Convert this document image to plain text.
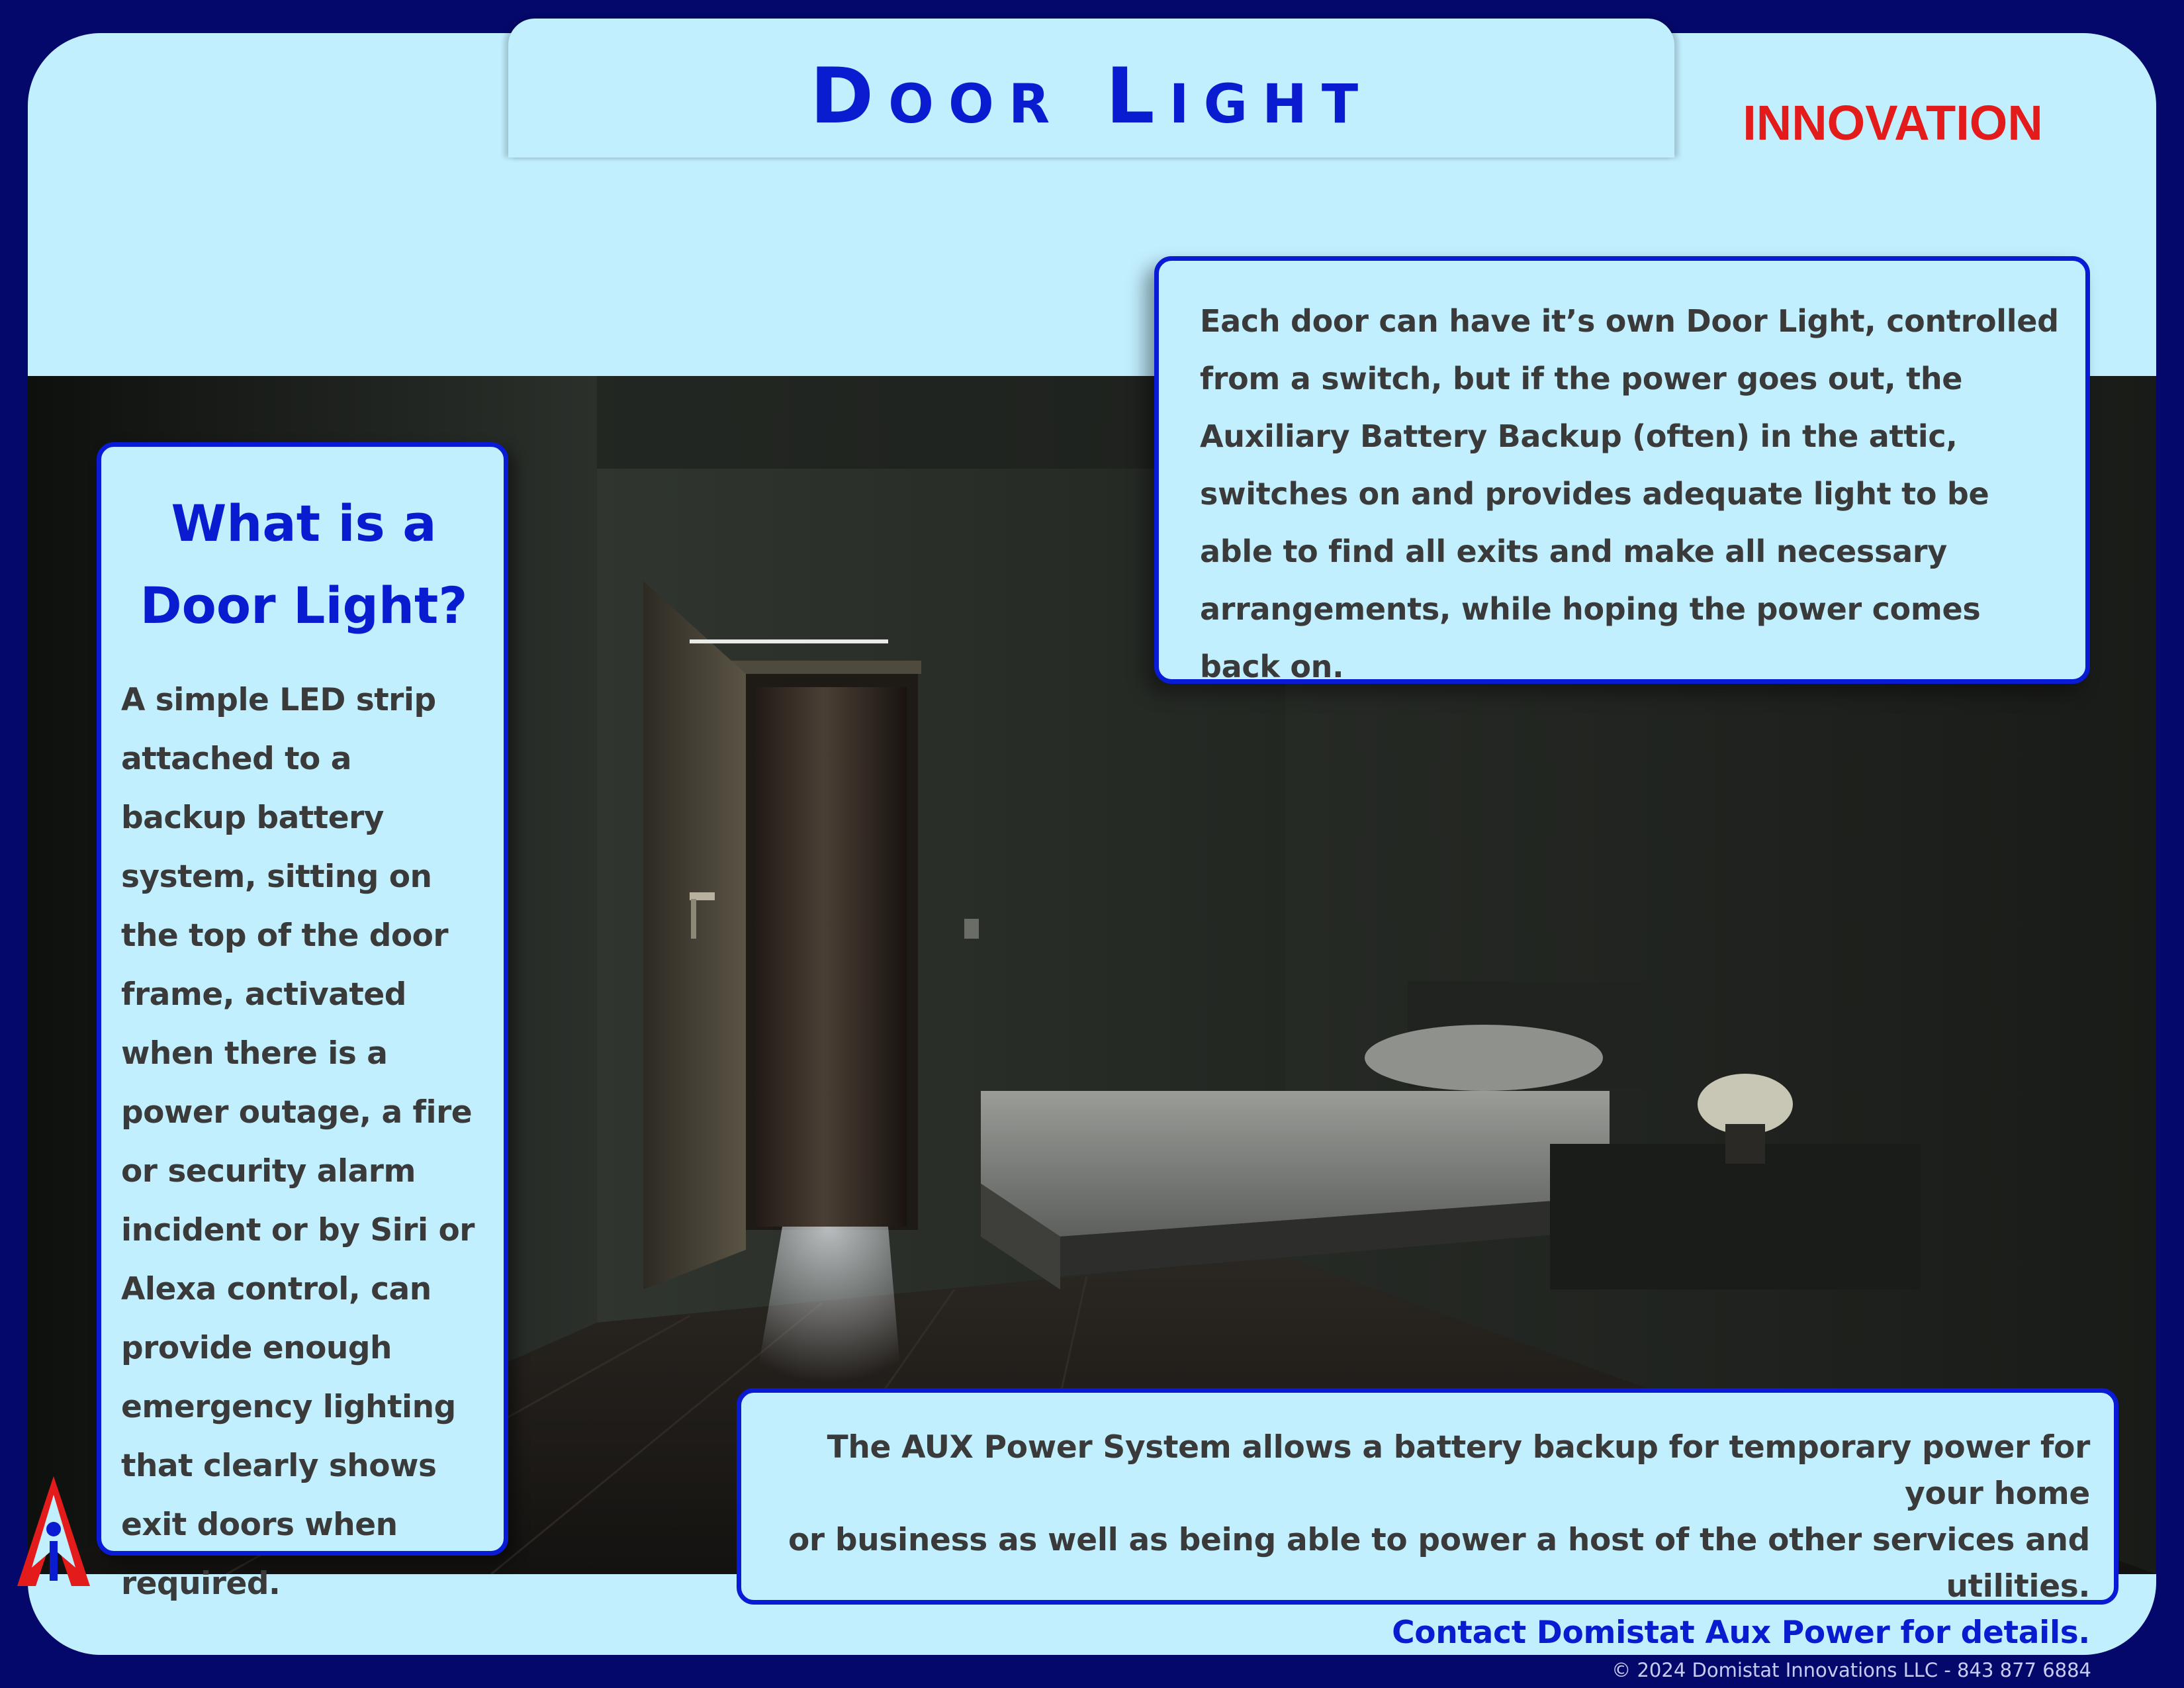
Door Light	INNOVATION

Each door can have it’s own Door Light, controlled from a switch, but if the power goes out, the Auxiliary Battery Backup (often) in the attic, switches on and provides adequate light to be able to find all exits and make all necessary arrangements, while hoping the power comes back on.

What is a
Door Light?

A simple LED strip attached to a backup battery system, sitting on the top of the door frame, activated when there is a power outage, a fire or security alarm incident or by Siri or Alexa control, can provide enough emergency lighting that clearly shows exit doors when required.

The AUX Power System allows a battery backup for temporary power for your home
or business as well as being able to power a host of the other services and utilities.
Contact Domistat Aux Power for details.

© 2024 Domistat Innovations LLC - 843 877 6884
